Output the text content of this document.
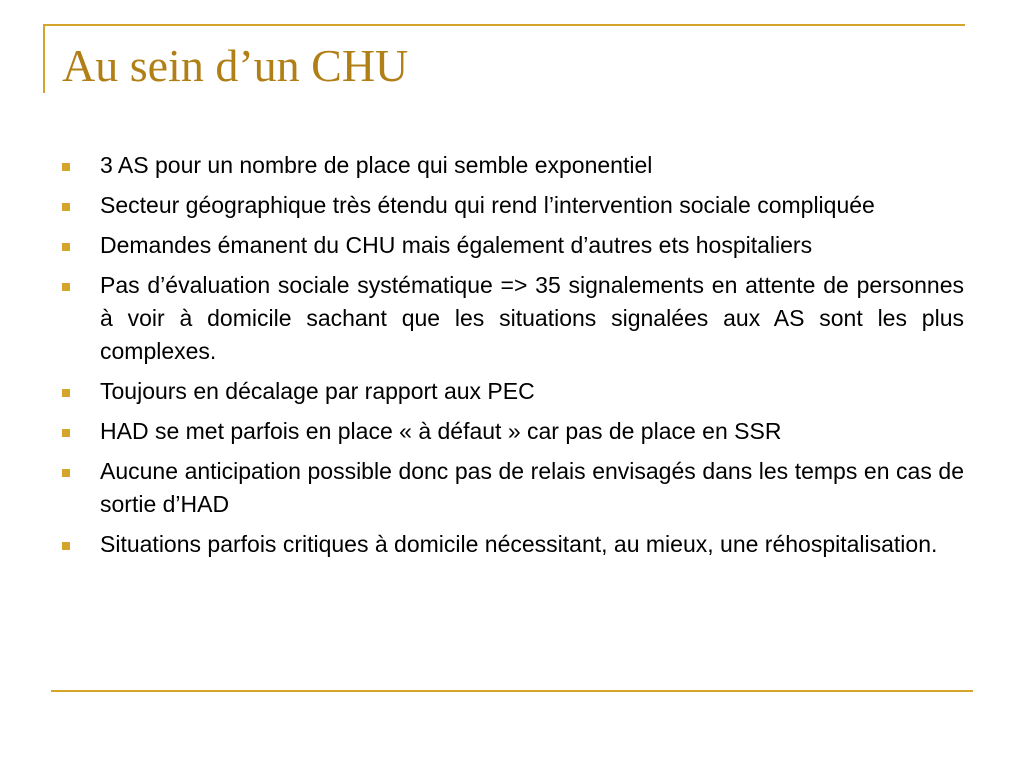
Au sein d’un CHU
3 AS pour un nombre de place qui semble exponentiel
Secteur géographique très étendu qui rend l’intervention sociale compliquée
Demandes émanent du CHU mais également d’autres ets hospitaliers
Pas d’évaluation sociale systématique => 35 signalements en attente de personnes à voir à domicile sachant que les situations signalées aux AS sont les plus complexes.
Toujours en décalage par rapport aux PEC
HAD se met parfois en place « à défaut » car pas de place en SSR
Aucune anticipation possible donc pas de relais envisagés dans les temps en cas de sortie d’HAD
Situations parfois critiques à domicile nécessitant, au mieux, une réhospitalisation.
